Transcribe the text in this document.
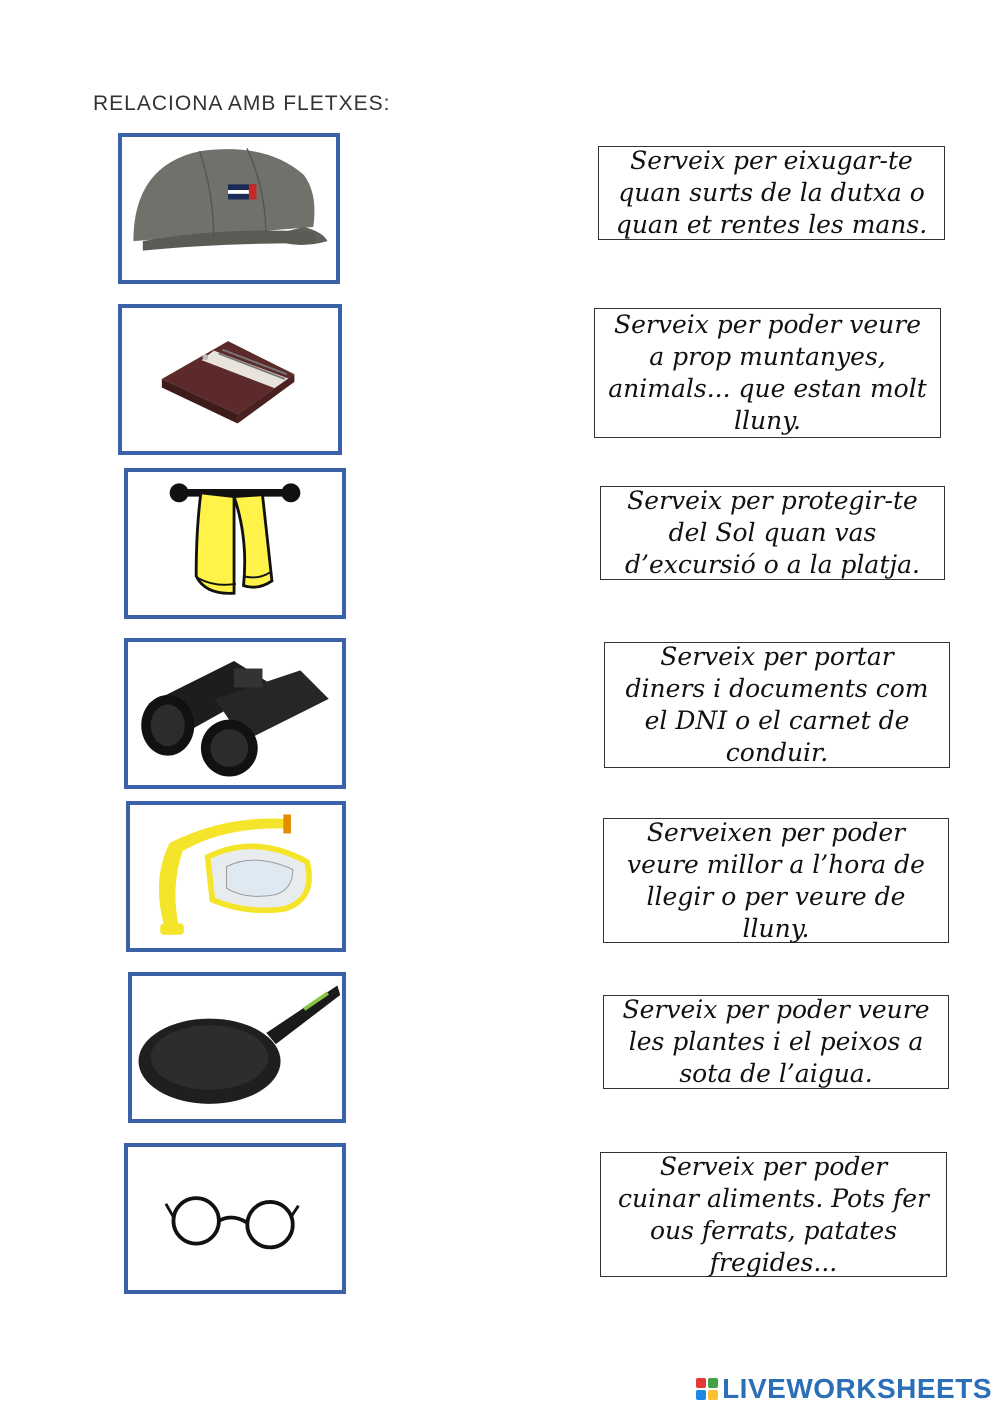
RELACIONA AMB FLETXES:
Serveix per eixugar-te
quan surts de la dutxa o
quan et rentes les mans.
Serveix per poder veure
a prop muntanyes,
animals... que estan molt
lluny.
Serveix per protegir-te
del Sol quan vas
d’excursió o a la platja.
Serveix per portar
diners i documents com
el DNI o el carnet de
conduir.
Serveixen per poder
veure millor a l’hora de
llegir o per veure de
lluny.
Serveix per poder veure
les plantes i el peixos a
sota de l’aigua.
Serveix per poder
cuinar aliments. Pots fer
ous ferrats, patates
fregides...
LIVEWORKSHEETS
